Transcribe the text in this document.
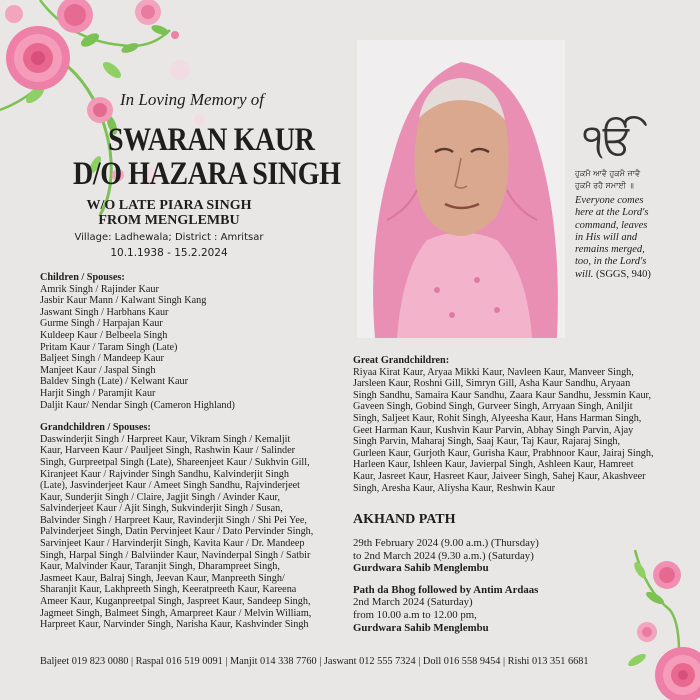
In Loving Memory of
SWARAN KAUR
D/O HAZARA SINGH
W/O LATE PIARA SINGH
FROM MENGLEMBU
Village: Ladhewala; District : Amritsar
10.1.1938 - 15.2.2024
Children / Spouses:
Amrik Singh / Rajinder Kaur
Jasbir Kaur Mann / Kalwant Singh Kang
Jaswant Singh / Harbhans Kaur
Gurme Singh / Harpajan Kaur
Kuldeep Kaur / Belbeela Singh
Pritam Kaur / Taram Singh (Late)
Baljeet Singh / Mandeep Kaur
Manjeet Kaur / Jaspal Singh
Baldev Singh (Late) / Kelwant Kaur
Harjit Singh / Paramjit Kaur
Daljit Kaur/ Nendar Singh (Cameron Highland)
Grandchildren / Spouses:
Daswinderjit Singh / Harpreet Kaur, Vikram Singh / Kemaljit
Kaur, Harveen Kaur / Pauljeet Singh, Rashwin Kaur / Salinder
Singh, Gurpreetpal Singh (Late), Shareenjeet Kaur / Sukhvin Gill,
Kiranjeet Kaur / Rajvinder Singh Sandhu, Kalvinderjit Singh
(Late), Jasvinderjeet Kaur / Ameet Singh Sandhu, Rajvinderjeet
Kaur, Sunderjit Singh / Claire, Jagjit Singh / Avinder Kaur,
Salvinderjeet Kaur / Ajit Singh, Sukvinderjit Singh / Susan,
Balvinder Singh / Harpreet Kaur, Ravinderjit Singh / Shi Pei Yee,
Palvinderjeet Singh, Datin Pervinjeet Kaur / Dato Pervinder Singh,
Sarvinjeet Kaur / Harvinderjit Singh, Kavita Kaur / Dr. Mandeep
Singh, Harpal Singh / Balviinder Kaur, Navinderpal Singh / Satbir
Kaur, Malvinder Kaur, Taranjit Singh, Dharampreet Singh,
Jasmeet Kaur, Balraj Singh, Jeevan Kaur, Manpreeth Singh/
Sharanjit Kaur, Lakhpreeth Singh, Keeratpreeth Kaur, Kareena
Ameer Kaur, Kuganpreetpal Singh, Jaspreet Kaur, Sandeep Singh,
Jagmeet Singh, Balmeet Singh, Amarpreet Kaur / Melvin William,
Harpreet Kaur, Narvinder Singh, Narisha Kaur, Kashvinder Singh
ੴ
ਹੁਕਮੈ ਆਵੈ ਹੁਕਮੈ ਜਾਵੈ
ਹੁਕਮੈ ਰਹੈ ਸਮਾਈ ॥
Everyone comes
here at the Lord's
command, leaves
in His will and
remains merged,
too, in the Lord's
will. (SGGS, 940)
Great Grandchildren:
Riyaa Kirat Kaur, Aryaa Mikki Kaur, Navleen Kaur, Manveer Singh,
Jarsleen Kaur, Roshni Gill, Simryn Gill, Asha Kaur Sandhu, Aryaan
Singh Sandhu, Samaira Kaur Sandhu, Zaara Kaur Sandhu, Jessmin Kaur,
Gaveen Singh, Gobind Singh, Gurveer Singh, Arryaan Singh, Aniljit
Singh, Saljeet Kaur, Rohit Singh, Alyeesha Kaur, Hans Harman Singh,
Geet Harman Kaur, Kushvin Kaur Parvin, Abhay Singh Parvin, Ajay
Singh Parvin, Maharaj Singh, Saaj Kaur, Taj Kaur, Rajaraj Singh,
Gurleen Kaur, Gurjoth Kaur, Gurisha Kaur, Prabhnoor Kaur, Jairaj Singh,
Harleen Kaur, Ishleen Kaur, Javierpal Singh, Ashleen Kaur, Hamreet
Kaur, Jasreet Kaur, Hasreet Kaur, Jaiveer Singh, Sahej Kaur, Akashveer
Singh, Aresha Kaur, Aliysha Kaur, Reshwin Kaur
AKHAND PATH
29th February 2024 (9.00 a.m.) (Thursday)
to 2nd March 2024 (9.30 a.m.) (Saturday)
Gurdwara Sahib Menglembu
Path da Bhog followed by Antim Ardaas
2nd March 2024 (Saturday)
from 10.00 a.m to 12.00 pm,
Gurdwara Sahib Menglembu
Baljeet 019 823 0080 | Raspal 016 519 0091 | Manjit 014 338 7760 | Jaswant 012 555 7324 | Doll 016 558 9454 | Rishi 013 351 6681
